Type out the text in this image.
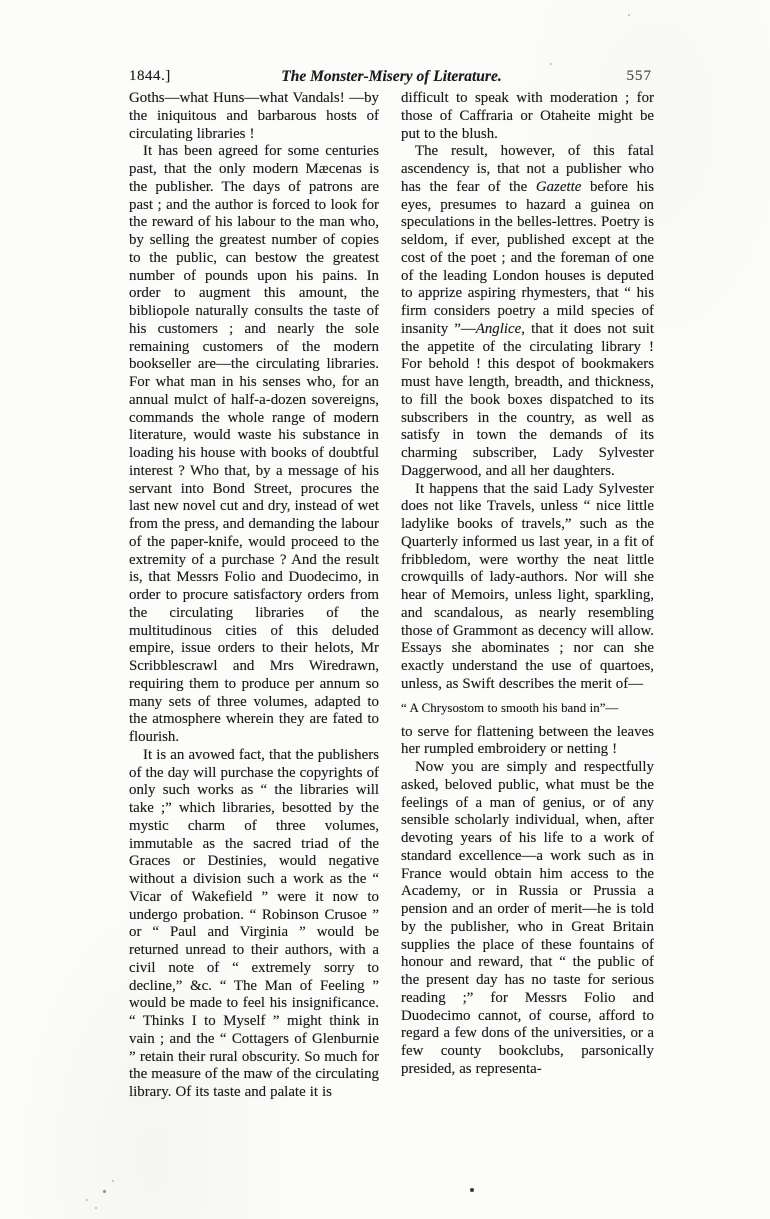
1844.]	The Monster-Misery of Literature.	557

Goths—what Huns—what Vandals! —by the iniquitous and barbarous hosts of circulating libraries !

It has been agreed for some centuries past, that the only modern Mæcenas is the publisher. The days of patrons are past ; and the author is forced to look for the reward of his labour to the man who, by selling the greatest number of copies to the public, can bestow the greatest number of pounds upon his pains. In order to augment this amount, the bibliopole naturally consults the taste of his customers ; and nearly the sole remaining customers of the modern bookseller are—the circulating libraries. For what man in his senses who, for an annual mulct of half-a-dozen sovereigns, commands the whole range of modern literature, would waste his substance in loading his house with books of doubtful interest ? Who that, by a message of his servant into Bond Street, procures the last new novel cut and dry, instead of wet from the press, and demanding the labour of the paper-knife, would proceed to the extremity of a purchase ? And the result is, that Messrs Folio and Duodecimo, in order to procure satisfactory orders from the circulating libraries of the multitudinous cities of this deluded empire, issue orders to their helots, Mr Scribblescrawl and Mrs Wiredrawn, requiring them to produce per annum so many sets of three volumes, adapted to the atmosphere wherein they are fated to flourish.

It is an avowed fact, that the publishers of the day will purchase the copyrights of only such works as “ the libraries will take ;” which libraries, besotted by the mystic charm of three volumes, immutable as the sacred triad of the Graces or Destinies, would negative without a division such a work as the “ Vicar of Wakefield ” were it now to undergo probation. “ Robinson Crusoe ” or “ Paul and Virginia ” would be returned unread to their authors, with a civil note of “ extremely sorry to decline,” &c. “ The Man of Feeling ” would be made to feel his insignificance. “ Thinks I to Myself ” might think in vain ; and the “ Cottagers of Glenburnie ” retain their rural obscurity. So much for the measure of the maw of the circulating library. Of its taste and palate it is

difficult to speak with moderation ; for those of Caffraria or Otaheite might be put to the blush.

The result, however, of this fatal ascendency is, that not a publisher who has the fear of the Gazette before his eyes, presumes to hazard a guinea on speculations in the belles-lettres. Poetry is seldom, if ever, published except at the cost of the poet ; and the foreman of one of the leading London houses is deputed to apprize aspiring rhymesters, that “ his firm considers poetry a mild species of insanity ”—Anglice, that it does not suit the appetite of the circulating library ! For behold ! this despot of bookmakers must have length, breadth, and thickness, to fill the book boxes dispatched to its subscribers in the country, as well as satisfy in town the demands of its charming subscriber, Lady Sylvester Daggerwood, and all her daughters.

It happens that the said Lady Sylvester does not like Travels, unless “ nice little ladylike books of travels,” such as the Quarterly informed us last year, in a fit of fribbledom, were worthy the neat little crowquills of lady-authors. Nor will she hear of Memoirs, unless light, sparkling, and scandalous, as nearly resembling those of Grammont as decency will allow. Essays she abominates ; nor can she exactly understand the use of quartoes, unless, as Swift describes the merit of—

“ A Chrysostom to smooth his band in”—

to serve for flattening between the leaves her rumpled embroidery or netting !

Now you are simply and respectfully asked, beloved public, what must be the feelings of a man of genius, or of any sensible scholarly individual, when, after devoting years of his life to a work of standard excellence—a work such as in France would obtain him access to the Academy, or in Russia or Prussia a pension and an order of merit—he is told by the publisher, who in Great Britain supplies the place of these fountains of honour and reward, that “ the public of the present day has no taste for serious reading ;” for Messrs Folio and Duodecimo cannot, of course, afford to regard a few dons of the universities, or a few county bookclubs, parsonically presided, as representa-
